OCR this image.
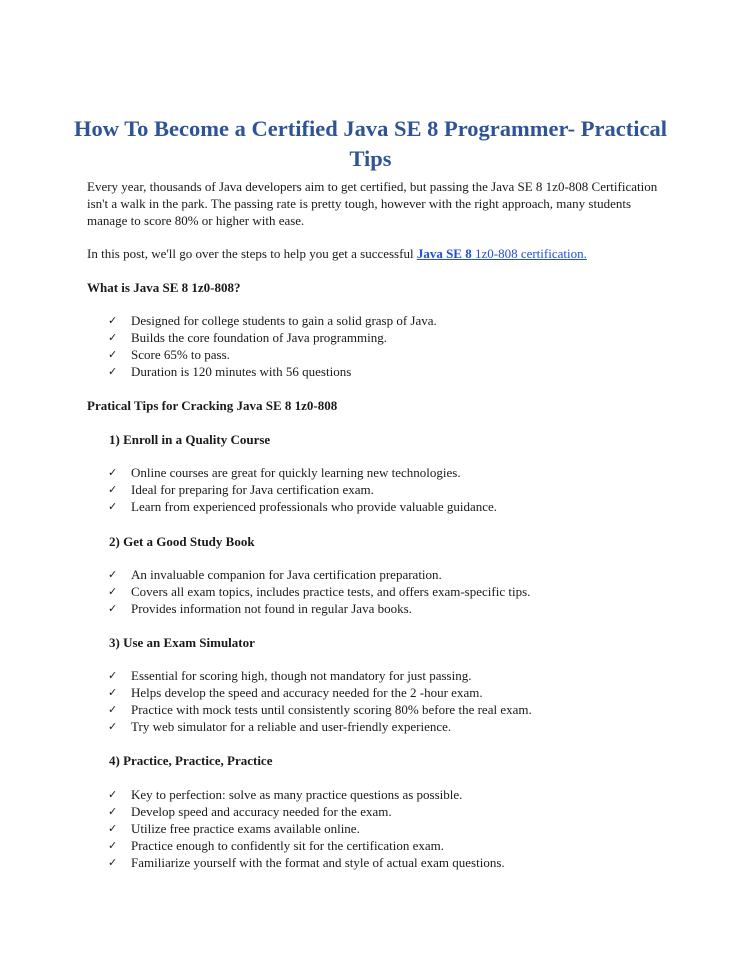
How To Become a Certified Java SE 8 Programmer- Practical Tips

Every year, thousands of Java developers aim to get certified, but passing the Java SE 8 1z0-808 Certification isn't a walk in the park. The passing rate is pretty tough, however with the right approach, many students manage to score 80% or higher with ease.

In this post, we'll go over the steps to help you get a successful Java SE 8 1z0-808 certification.

What is Java SE 8 1z0-808?
✓	Designed for college students to gain a solid grasp of Java.
✓	Builds the core foundation of Java programming.
✓	Score 65% to pass.
✓	Duration is 120 minutes with 56 questions
Pratical Tips for Cracking Java SE 8 1z0-808
1) Enroll in a Quality Course
✓	Online courses are great for quickly learning new technologies.
✓	Ideal for preparing for Java certification exam.
✓	Learn from experienced professionals who provide valuable guidance.
2) Get a Good Study Book
✓	An invaluable companion for Java certification preparation.
✓	Covers all exam topics, includes practice tests, and offers exam-specific tips.
✓	Provides information not found in regular Java books.
3) Use an Exam Simulator
✓	Essential for scoring high, though not mandatory for just passing.
✓	Helps develop the speed and accuracy needed for the 2 -hour exam.
✓	Practice with mock tests until consistently scoring 80% before the real exam.
✓	Try web simulator for a reliable and user-friendly experience.
4) Practice, Practice, Practice
✓	Key to perfection: solve as many practice questions as possible.
✓	Develop speed and accuracy needed for the exam.
✓	Utilize free practice exams available online.
✓	Practice enough to confidently sit for the certification exam.
✓	Familiarize yourself with the format and style of actual exam questions.
